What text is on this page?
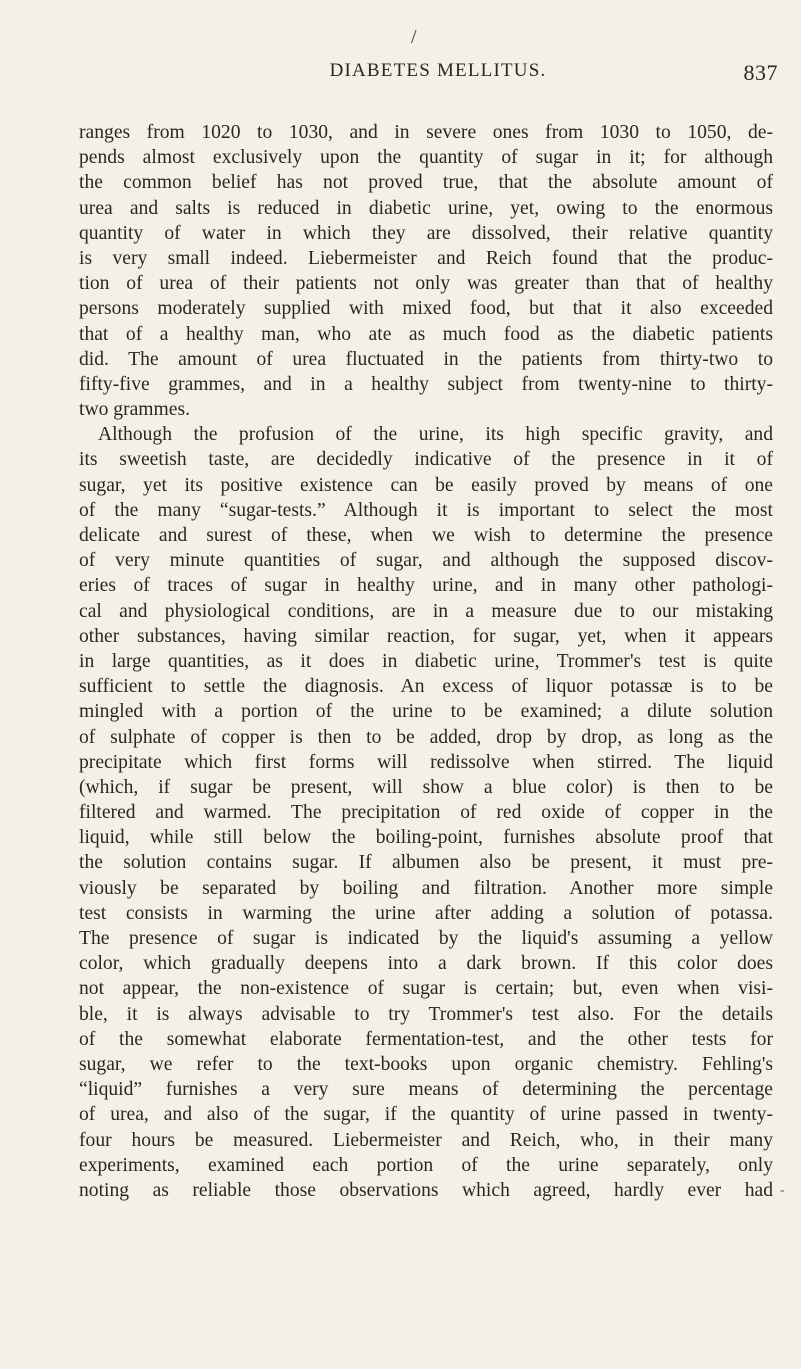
/
DIABETES MELLITUS.	837
ranges from 1020 to 1030, and in severe ones from 1030 to 1050, de-
pends almost exclusively upon the quantity of sugar in it; for although
the common belief has not proved true, that the absolute amount of
urea and salts is reduced in diabetic urine, yet, owing to the enormous
quantity of water in which they are dissolved, their relative quantity
is very small indeed. Liebermeister and Reich found that the produc-
tion of urea of their patients not only was greater than that of healthy
persons moderately supplied with mixed food, but that it also exceeded
that of a healthy man, who ate as much food as the diabetic patients
did. The amount of urea fluctuated in the patients from thirty-two to
fifty-five grammes, and in a healthy subject from twenty-nine to thirty-
two grammes.
Although the profusion of the urine, its high specific gravity, and
its sweetish taste, are decidedly indicative of the presence in it of
sugar, yet its positive existence can be easily proved by means of one
of the many “sugar-tests.” Although it is important to select the most
delicate and surest of these, when we wish to determine the presence
of very minute quantities of sugar, and although the supposed discov-
eries of traces of sugar in healthy urine, and in many other pathologi-
cal and physiological conditions, are in a measure due to our mistaking
other substances, having similar reaction, for sugar, yet, when it appears
in large quantities, as it does in diabetic urine, Trommer's test is quite
sufficient to settle the diagnosis. An excess of liquor potassæ is to be
mingled with a portion of the urine to be examined; a dilute solution
of sulphate of copper is then to be added, drop by drop, as long as the
precipitate which first forms will redissolve when stirred. The liquid
(which, if sugar be present, will show a blue color) is then to be
filtered and warmed. The precipitation of red oxide of copper in the
liquid, while still below the boiling-point, furnishes absolute proof that
the solution contains sugar. If albumen also be present, it must pre-
viously be separated by boiling and filtration. Another more simple
test consists in warming the urine after adding a solution of potassa.
The presence of sugar is indicated by the liquid's assuming a yellow
color, which gradually deepens into a dark brown. If this color does
not appear, the non-existence of sugar is certain; but, even when visi-
ble, it is always advisable to try Trommer's test also. For the details
of the somewhat elaborate fermentation-test, and the other tests for
sugar, we refer to the text-books upon organic chemistry. Fehling's
“liquid” furnishes a very sure means of determining the percentage
of urea, and also of the sugar, if the quantity of urine passed in twenty-
four hours be measured. Liebermeister and Reich, who, in their many
experiments, examined each portion of the urine separately, only
noting as reliable those observations which agreed, hardly ever had -
